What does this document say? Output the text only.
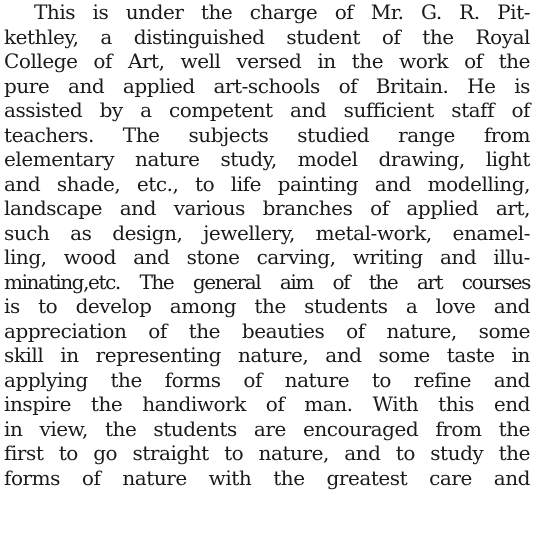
This is under the charge of Mr. G. R. Pit-
kethley, a distinguished student of the Royal
College of Art, well versed in the work of the
pure and applied art-schools of Britain. He is
assisted by a competent and sufficient staff of
teachers. The subjects studied range from
elementary nature study, model drawing, light
and shade, etc., to life painting and modelling,
landscape and various branches of applied art,
such as design, jewellery, metal-work, enamel-
ling, wood and stone carving, writing and illu-
minating,etc. The general aim of the art courses
is to develop among the students a love and
appreciation of the beauties of nature, some
skill in representing nature, and some taste in
applying the forms of nature to refine and
inspire the handiwork of man. With this end
in view, the students are encouraged from the
first to go straight to nature, and to study the
forms of nature with the greatest care and
